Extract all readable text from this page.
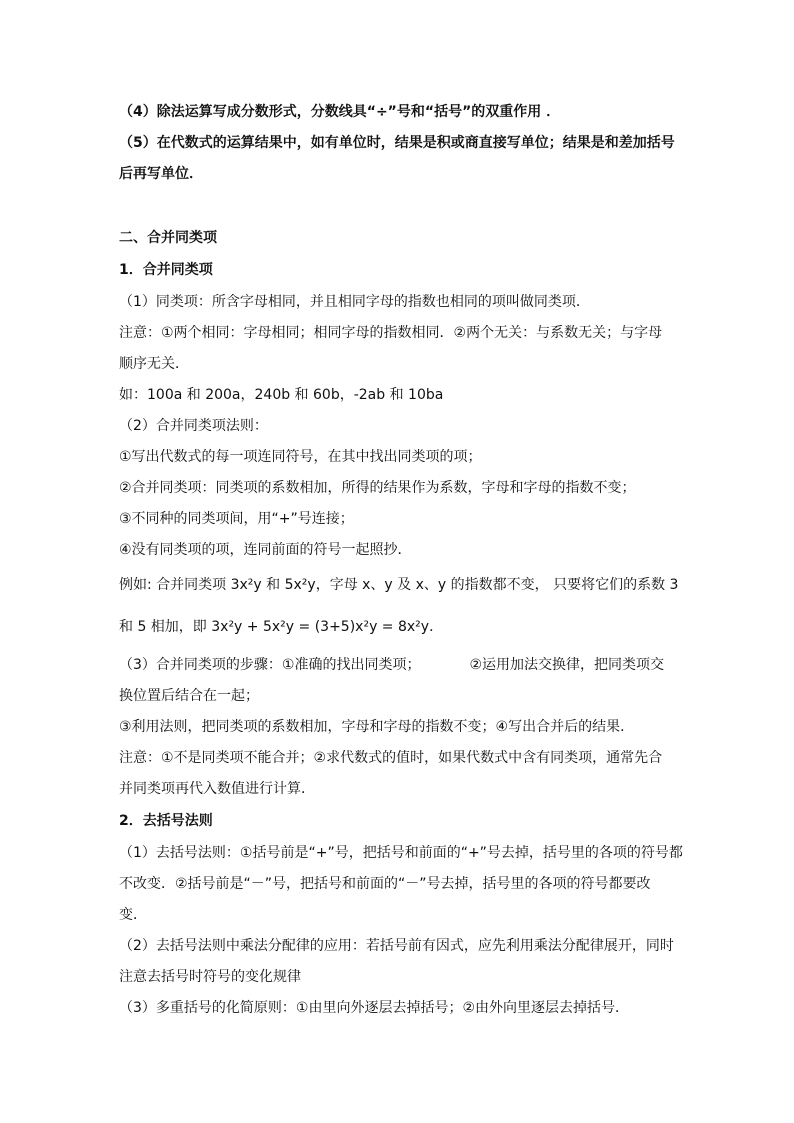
（4）除法运算写成分数形式，分数线具“÷”号和“括号”的双重作用 ．
（5）在代数式的运算结果中，如有单位时，结果是积或商直接写单位；结果是和差加括号
后再写单位．
二、合并同类项
1．合并同类项
（1）同类项：所含字母相同，并且相同字母的指数也相同的项叫做同类项．
注意：①两个相同：字母相同；相同字母的指数相同．②两个无关：与系数无关；与字母
顺序无关．
如：100a 和 200a，240b 和 60b，-2ab 和 10ba
（2）合并同类项法则：
①写出代数式的每一项连同符号，在其中找出同类项的项；
②合并同类项：同类项的系数相加，所得的结果作为系数，字母和字母的指数不变；
③不同种的同类项间，用“+”号连接；
④没有同类项的项，连同前面的符号一起照抄．
例如: 合并同类项 3x²y 和 5x²y，字母 x、y 及 x、y 的指数都不变， 只要将它们的系数 3
和 5 相加，即 3x²y + 5x²y = (3+5)x²y = 8x²y．
（3）合并同类项的步骤：①准确的找出同类项；　　　　②运用加法交换律，把同类项交
换位置后结合在一起；
③利用法则，把同类项的系数相加，字母和字母的指数不变；④写出合并后的结果．
注意：①不是同类项不能合并；②求代数式的值时，如果代数式中含有同类项，通常先合
并同类项再代入数值进行计算．
2．去括号法则
（1）去括号法则：①括号前是“+”号，把括号和前面的“+”号去掉，括号里的各项的符号都
不改变．②括号前是“－”号，把括号和前面的“－”号去掉，括号里的各项的符号都要改
变．
（2）去括号法则中乘法分配律的应用：若括号前有因式，应先利用乘法分配律展开，同时
注意去括号时符号的变化规律
（3）多重括号的化简原则：①由里向外逐层去掉括号；②由外向里逐层去掉括号．
